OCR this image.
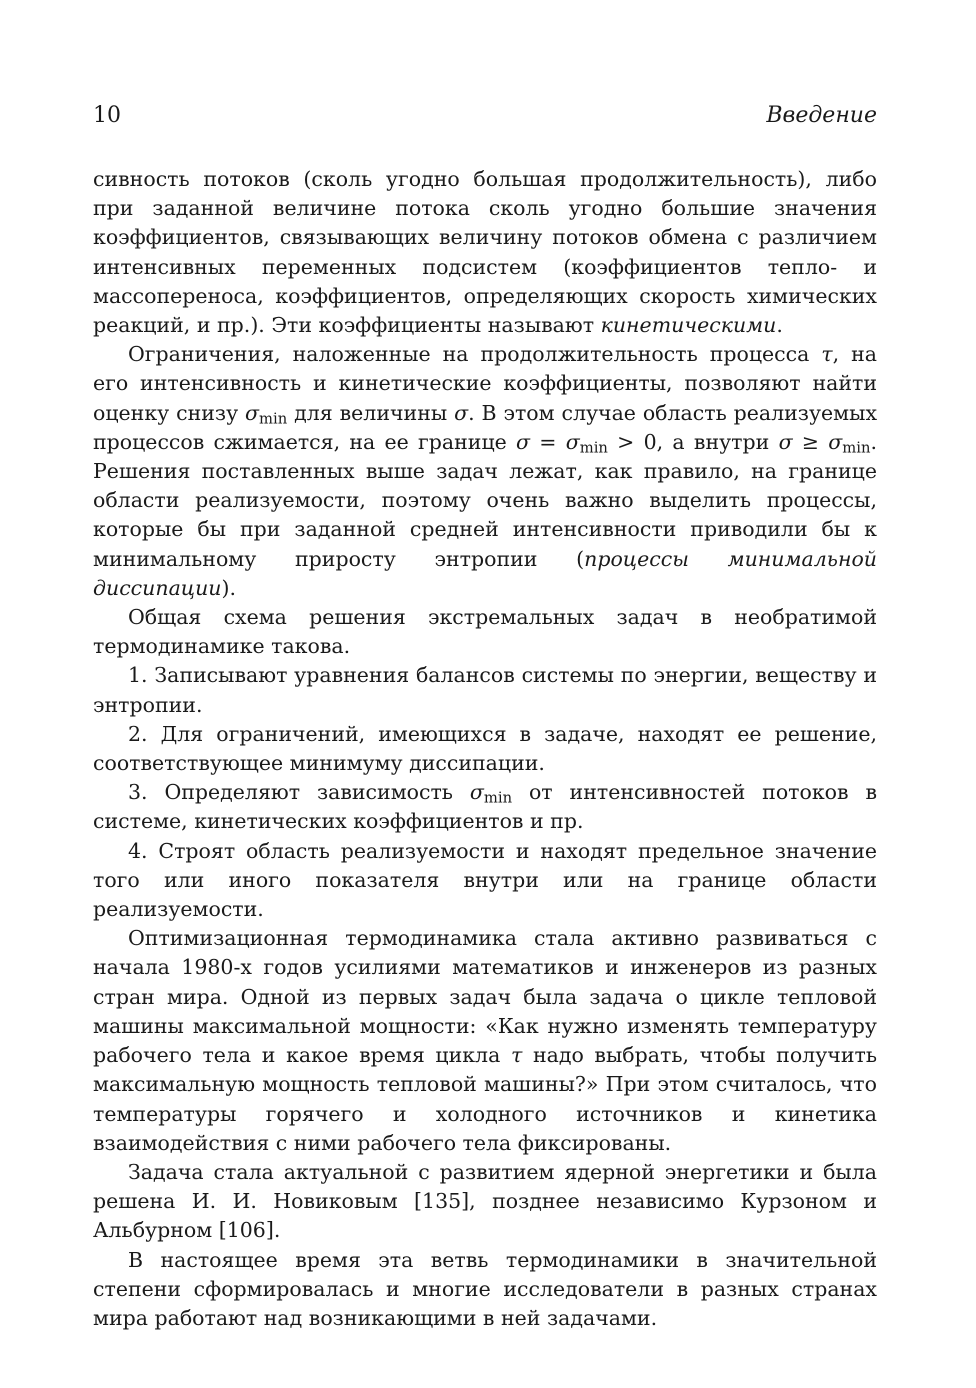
10	Введение

сивность потоков (сколь угодно большая продолжительность), либо при заданной величине потока сколь угодно большие значения коэффициентов, связывающих величину потоков обмена с различием интенсивных переменных подсистем (коэффициентов тепло- и массопереноса, коэффициентов, определяющих скорость химических реакций, и пр.). Эти коэффициенты называют кинетическими.

Ограничения, наложенные на продолжительность процесса τ, на его интенсивность и кинетические коэффициенты, позволяют найти оценку снизу $\sigma_{min}$ для величины σ. В этом случае область реализуемых процессов сжимается, на ее границе $\sigma = \sigma_{min} > 0$, а внутри $\sigma \ge \sigma_{min}$. Решения поставленных выше задач лежат, как правило, на границе области реализуемости, поэтому очень важно выделить процессы, которые бы при заданной средней интенсивности приводили бы к минимальному приросту энтропии (процессы минимальной диссипации).

Общая схема решения экстремальных задач в необратимой термодинамике такова.

1. Записывают уравнения балансов системы по энергии, веществу и энтропии.

2. Для ограничений, имеющихся в задаче, находят ее решение, соответствующее минимуму диссипации.

3. Определяют зависимость $\sigma_{min}$ от интенсивностей потоков в системе, кинетических коэффициентов и пр.

4. Строят область реализуемости и находят предельное значение того или иного показателя внутри или на границе области реализуемости.

Оптимизационная термодинамика стала активно развиваться с начала 1980-х годов усилиями математиков и инженеров из разных стран мира. Одной из первых задач была задача о цикле тепловой машины максимальной мощности: «Как нужно изменять температуру рабочего тела и какое время цикла τ надо выбрать, чтобы получить максимальную мощность тепловой машины?» При этом считалось, что температуры горячего и холодного источников и кинетика взаимодействия с ними рабочего тела фиксированы.

Задача стала актуальной с развитием ядерной энергетики и была решена И. И. Новиковым [135], позднее независимо Курзоном и Альбурном [106].

В настоящее время эта ветвь термодинамики в значительной степени сформировалась и многие исследователи в разных странах мира работают над возникающими в ней задачами.
